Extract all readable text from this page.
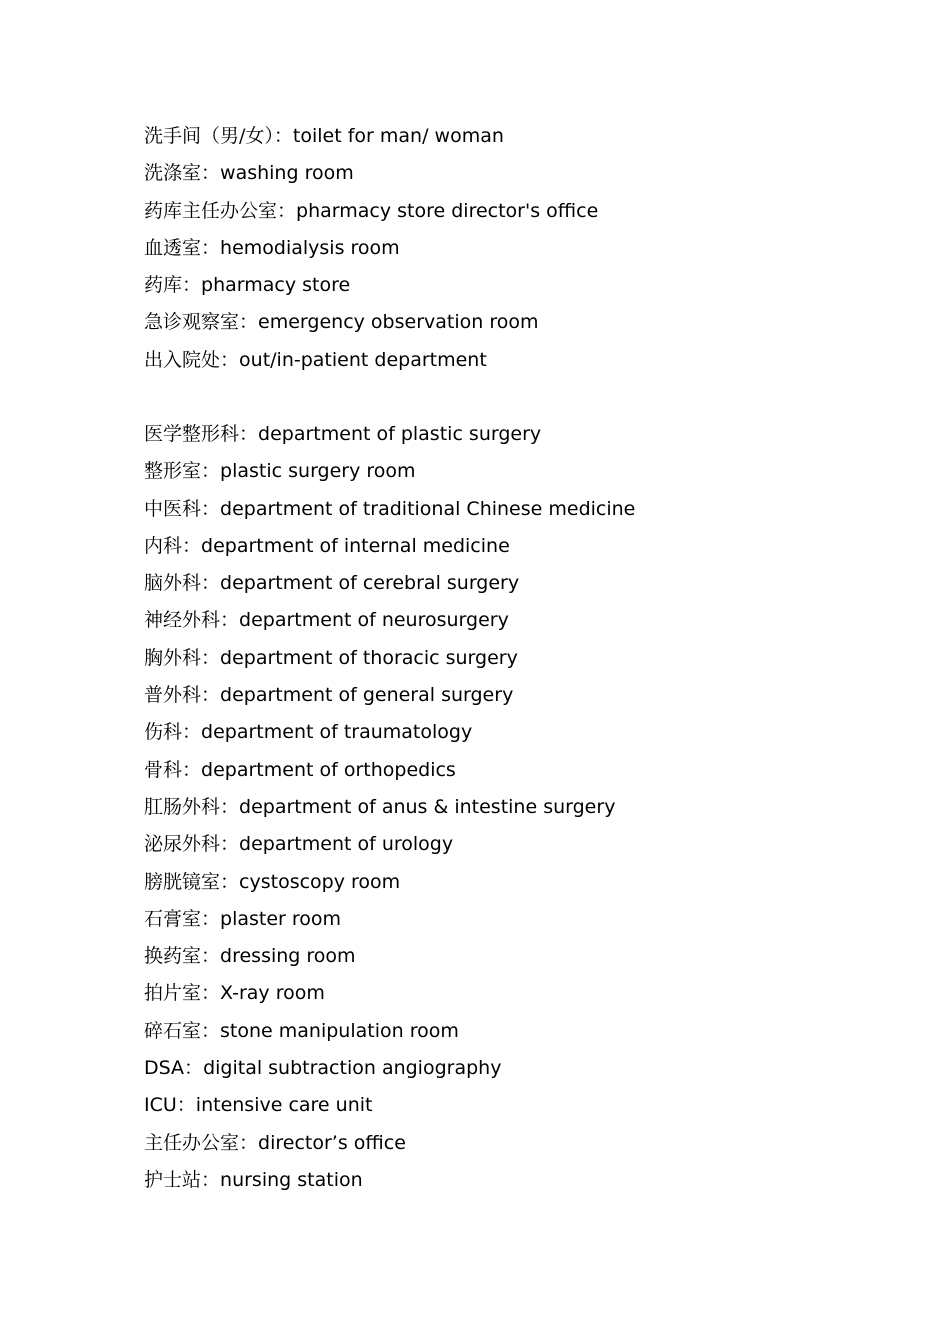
洗手间（男/女）：toilet for man/ woman
洗涤室：washing room
药库主任办公室：pharmacy store director's office
血透室：hemodialysis room
药库：pharmacy store
急诊观察室：emergency observation room
出入院处：out/in-patient department
医学整形科：department of plastic surgery
整形室：plastic surgery room
中医科：department of traditional Chinese medicine
内科：department of internal medicine
脑外科：department of cerebral surgery
神经外科：department of neurosurgery
胸外科：department of thoracic surgery
普外科：department of general surgery
伤科：department of traumatology
骨科：department of orthopedics
肛肠外科：department of anus & intestine surgery
泌尿外科：department of urology
膀胱镜室：cystoscopy room
石膏室：plaster room
换药室：dressing room
拍片室：X-ray room
碎石室：stone manipulation room
DSA：digital subtraction angiography
ICU：intensive care unit
主任办公室：director’s office
护士站：nursing station
